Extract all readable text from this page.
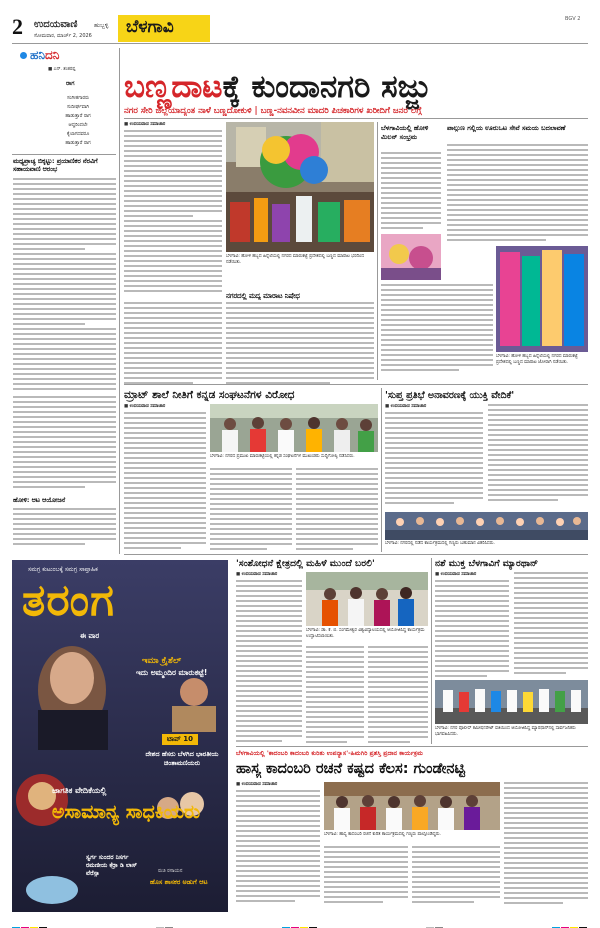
2 ಉದಯವಾಣಿ	ಹುಬ್ಬಳ್ಳಿ
ಸೋಮವಾರ, ಮಾರ್ಚ್ 2, 2026 ಬೆಳಗಾವಿ	BGV 2
ಹನಿದನಿ
■ ಎನ್. ಶಂಕರಪ್ಪ
ರಾಗ
ಸಂಗೀತಗಾರರು
ಸುದೀರ್ಘವಾಗಿ
ಹಾಡುತ್ತಾರೆ ರಾಗ
ಆದ್ದರಿಂದಲೇ
ಕೈಲಾಗದವರೂ
ಹಾಡುತ್ತಾರೆ ರಾಗ
ಮಧ್ಯಪ್ರಾಚ್ಯ ಬಿಕ್ಕಟ್ಟು: ಪ್ರಯಾಣಿಕರ ನೆರವಿಗೆ ಸಹಾಯವಾಣಿ ಆರಂಭ
ಹೋಳಿ: ಆಟ ಆಯೋಜನೆ
ಬಣ್ಣದಾಟಕ್ಕೆ ಕುಂದಾನಗರಿ ಸಜ್ಜು
ನಗರ ಸೇರಿ ಜಿಲ್ಲೆಯಾದ್ಯಂತ ನಾಳೆ ಬಣ್ಣದೋಕುಳಿ | ಬಣ್ಣ-ನವನವೀನ ಮಾದರಿ ಪಿಚಕಾರಿಗಳ ಖರೀದಿಗೆ ಜನರ ಲಗ್ಗೆ
■ ಉದಯವಾಣಿ ಸಮಾಚಾರ
ಬೆಳಗಾವಿ: ಹೋಳಿ ಹಬ್ಬದ ಹಿನ್ನೆಲೆಯಲ್ಲಿ ನಗರದ ಮಾರುಕಟ್ಟೆ ಪ್ರದೇಶದಲ್ಲಿ ಬಣ್ಣದ ಮಾರಾಟ ಭರದಿಂದ ನಡೆಯಿತು.
ನಗರದಲ್ಲಿ ಮದ್ಯ ಮಾರಾಟ ನಿಷೇಧ
ಬೆಳಗಾವಿಯಲ್ಲಿ ಹೋಳಿ ಮಿಲನ್ ಸಂಭ್ರಮ
ಪಾಲ್ಗುಣ ಗಲ್ಲಿಯ ಊರುಒಟ ಸೇವೆ ಸಮಯ ಬದಲಾವಣೆ
ಬೆಳಗಾವಿ: ಹೋಳಿ ಹಬ್ಬದ ಹಿನ್ನೆಲೆಯಲ್ಲಿ ನಗರದ ಮಾರುಕಟ್ಟೆ ಪ್ರದೇಶದಲ್ಲಿ ಬಣ್ಣದ ಮಾರಾಟ ಜೋರಾಗಿ ನಡೆಯಿತು.
ಮ್ರಾಟ್ ಶಾಲೆ ನೀತಿಗೆ ಕನ್ನಡ ಸಂಘಟನೆಗಳ ವಿರೋಧ
■ ಉದಯವಾಣಿ ಸಮಾಚಾರ
ಬೆಳಗಾವಿ: ನಗರದ ಪ್ರಮುಖ ಮಾರುಕಟ್ಟೆಯಲ್ಲಿ ಕನ್ನಡ ಸಂಘಟನೆಗಳ ಮುಖಂಡರು ಸುದ್ದಿಗೋಷ್ಠಿ ನಡೆಸಿದರು.
'ಸುಪ್ತ ಪ್ರತಿಭೆ ಅನಾವರಣಕ್ಕೆ ಯುಕ್ತಿ ವೇದಿಕೆ'
■ ಉದಯವಾಣಿ ಸಮಾಚಾರ
ಬೆಳಗಾವಿ: ನಗರದಲ್ಲಿ ನಡೆದ ಕಾರ್ಯಕ್ರಮದಲ್ಲಿ ಗಣ್ಯರು ಬಹುಮಾನ ವಿತರಿಸಿದರು.
ಸಮಗ್ರ ಕುಟುಂಬಕ್ಕೆ ಸಮಗ್ರ ಸಾಪ್ತಾಹಿಕ
ತರಂಗ
ಈ ವಾರ
ಇಮಾ ಕ್ರೈಶೆಲ್
ಇದು ಅಮ್ಮಂದಿರ ಮಾರುಕಟ್ಟೆ!
ಟಾಪ್ 10
ದೇಶದ ಹೆಸರು ಬೆಳಗಿದ ಭಾರತೀಯ ಚಿಂತಾಮಣಿಯರು
ಜಾಗತಿಕ ವೇದಿಕೆಯಲ್ಲಿ
ಅಸಾಮಾನ್ಯ ಸಾಧಕಿಯರು
ರುಚಿ ರಸಾಯನ
ಹೊಸ ಶಾಸಕರ ಅಡುಗೆ ಆಟ
ಸ್ವರ್ಗ ಸುಂದರ ನಿಸರ್ಗ ರಮಣೀಯ ಕೆರ್ರಾ ಡಿ ಲಾಸ್ ವೆರೆಸ್ಸಾ
'ಸಂಶೋಧನೆ ಕ್ಷೇತ್ರದಲ್ಲಿ ಮಹಿಳೆ ಮುಂದೆ ಬರಲಿ'
■ ಉದಯವಾಣಿ ಸಮಾಚಾರ
ಬೆಳಗಾವಿ: ಡಾ. ಕೆ. ಬಿ. ಸಂಗಮೇಶ್ವರ ವಿಶ್ವವಿದ್ಯಾಲಯದಲ್ಲಿ ಆಯೋಜಿಸಿದ್ದ ಕಾರ್ಯಕ್ರಮ ಉದ್ಘಾಟಿಸಲಾಯಿತು.
ನಶೆ ಮುಕ್ತ ಬೆಳಗಾವಿಗೆ ಮ್ಯಾರಥಾನ್
■ ಉದಯವಾಣಿ ಸಮಾಚಾರ
ಬೆಳಗಾವಿ: ನಗರ ಪೊಲೀಸ್ ಕಮೀಷನರೇಟ್ ವತಿಯಿಂದ ಆಯೋಜಿಸಿದ್ದ ಮ್ಯಾರಥಾನ್‌ನಲ್ಲಿ ಸಾರ್ವಜನಿಕರು ಭಾಗವಹಿಸಿದರು.
ಬೆಳಗಾವಿಯಲ್ಲಿ 'ಕಾದಂಬರಿ ಕಾದಂಬರಿ ಕುರಿತು ಉಪನ್ಯಾಸ'-ಹಿಮಗಿರಿ ಪ್ರಶಸ್ತಿ ಪ್ರದಾನ ಕಾರ್ಯಕ್ರಮ
ಹಾಸ್ಯ ಕಾದಂಬರಿ ರಚನೆ ಕಷ್ಟದ ಕೆಲಸ: ಗುಂಡೇನಟ್ಟಿ
■ ಉದಯವಾಣಿ ಸಮಾಚಾರ
ಬೆಳಗಾವಿ: ಹಾಸ್ಯ ಕಾದಂಬರಿ ರಚನೆ ಕುರಿತ ಕಾರ್ಯಕ್ರಮದಲ್ಲಿ ಗಣ್ಯರು ಪಾಲ್ಗೊಂಡಿದ್ದರು.
